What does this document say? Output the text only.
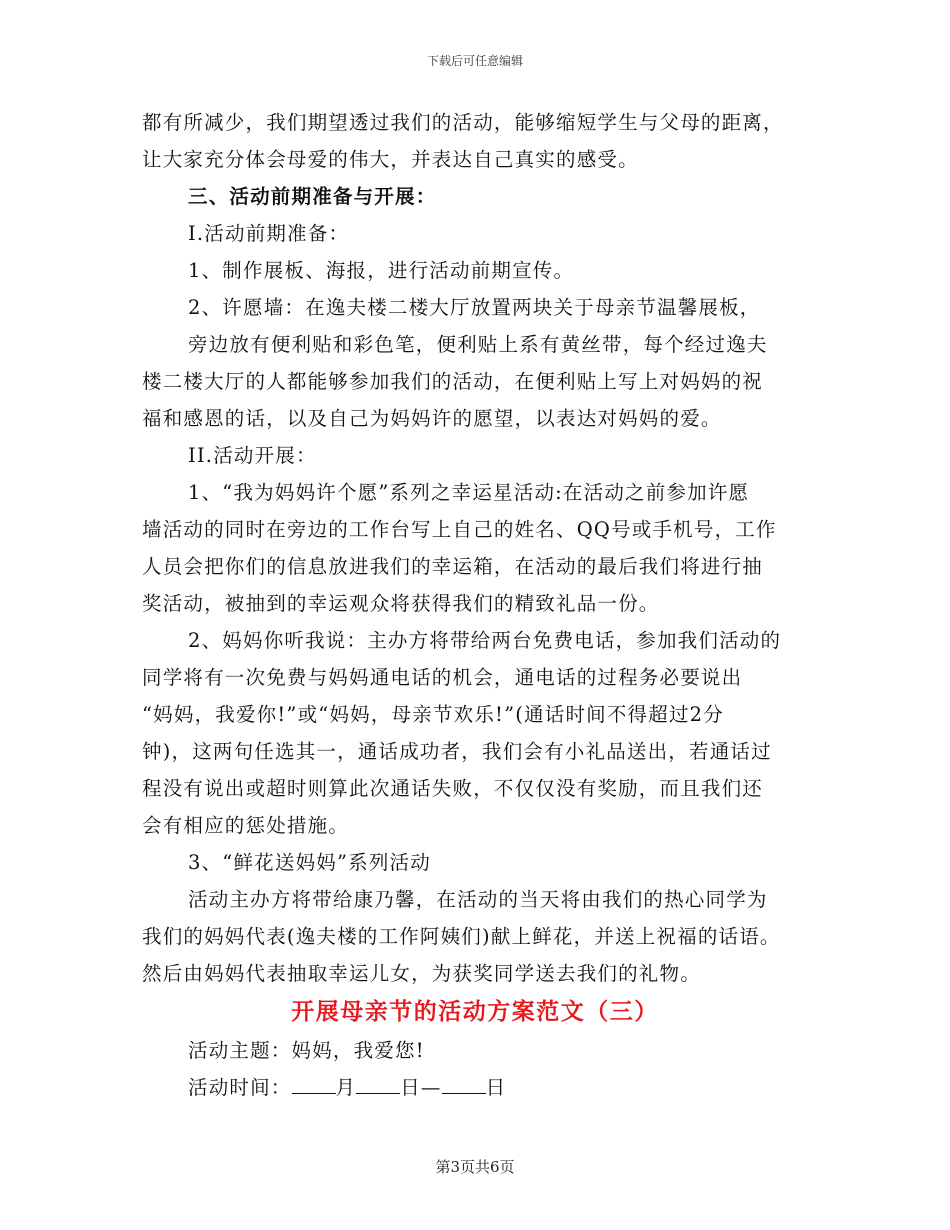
下载后可任意编辑

都有所减少，我们期望透过我们的活动，能够缩短学生与父母的距离，

让大家充分体会母爱的伟大，并表达自己真实的感受。

三、活动前期准备与开展：

I.活动前期准备：

1、制作展板、海报，进行活动前期宣传。

2、许愿墙：在逸夫楼二楼大厅放置两块关于母亲节温馨展板，

旁边放有便利贴和彩色笔，便利贴上系有黄丝带，每个经过逸夫

楼二楼大厅的人都能够参加我们的活动，在便利贴上写上对妈妈的祝

福和感恩的话，以及自己为妈妈许的愿望，以表达对妈妈的爱。

II.活动开展：

1、“我为妈妈许个愿”系列之幸运星活动:在活动之前参加许愿

墙活动的同时在旁边的工作台写上自己的姓名、QQ号或手机号，工作

人员会把你们的信息放进我们的幸运箱，在活动的最后我们将进行抽

奖活动，被抽到的幸运观众将获得我们的精致礼品一份。

2、妈妈你听我说：主办方将带给两台免费电话，参加我们活动的

同学将有一次免费与妈妈通电话的机会，通电话的过程务必要说出

“妈妈，我爱你!”或“妈妈，母亲节欢乐!”(通话时间不得超过2分

钟)，这两句任选其一，通话成功者，我们会有小礼品送出，若通话过

程没有说出或超时则算此次通话失败，不仅仅没有奖励，而且我们还

会有相应的惩处措施。

3、“鲜花送妈妈”系列活动

活动主办方将带给康乃馨，在活动的当天将由我们的热心同学为

我们的妈妈代表(逸夫楼的工作阿姨们)献上鲜花，并送上祝福的话语。

然后由妈妈代表抽取幸运儿女，为获奖同学送去我们的礼物。

开展母亲节的活动方案范文（三）

活动主题：妈妈，我爱您!

活动时间： 月 日— 日

第3页共6页
